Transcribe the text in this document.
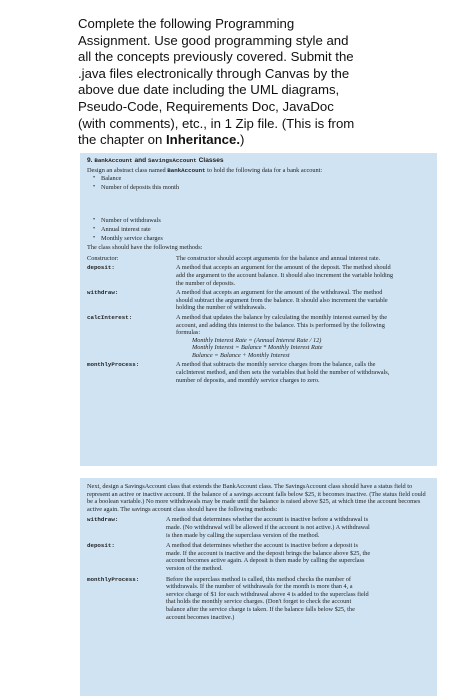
Complete the following Programming
Assignment. Use good programming style and
all the concepts previously covered. Submit the
.java files electronically through Canvas by the
above due date including the UML diagrams,
Pseudo-Code, Requirements Doc, JavaDoc
(with comments), etc., in 1 Zip file. (This is from
the chapter on Inheritance.)
9. BankAccount and SavingsAccount Classes
Design an abstract class named BankAccount to hold the following data for a bank account:
• Balance
• Number of deposits this month
• Number of withdrawals
• Annual interest rate
• Monthly service charges
The class should have the following methods:
Constructor:	The constructor should accept arguments for the balance and annual interest rate.
deposit:	A method that accepts an argument for the amount of the deposit. The method should add the argument to the account balance. It should also increment the variable holding the number of deposits.
withdraw:	A method that accepts an argument for the amount of the withdrawal. The method should subtract the argument from the balance. It should also increment the variable holding the number of withdrawals.
calcInterest:	A method that updates the balance by calculating the monthly interest earned by the account, and adding this interest to the balance. This is performed by the following formulas:
Monthly Interest Rate = (Annual Interest Rate / 12)
Monthly Interest = Balance * Monthly Interest Rate
Balance = Balance + Monthly Interest
monthlyProcess:	A method that subtracts the monthly service charges from the balance, calls the calcInterest method, and then sets the variables that hold the number of withdrawals, number of deposits, and monthly service charges to zero.
Next, design a SavingsAccount class that extends the BankAccount class. The SavingsAccount class should have a status field to represent an active or inactive account. If the balance of a savings account falls below $25, it becomes inactive. (The status field could be a boolean variable.) No more withdrawals may be made until the balance is raised above $25, at which time the account becomes active again. The savings account class should have the following methods:
withdraw:	A method that determines whether the account is inactive before a withdrawal is made. (No withdrawal will be allowed if the account is not active.) A withdrawal is then made by calling the superclass version of the method.
deposit:	A method that determines whether the account is inactive before a deposit is made. If the account is inactive and the deposit brings the balance above $25, the account becomes active again. A deposit is then made by calling the superclass version of the method.
monthlyProcess:	Before the superclass method is called, this method checks the number of withdrawals. If the number of withdrawals for the month is more than 4, a service charge of $1 for each withdrawal above 4 is added to the superclass field that holds the monthly service charges. (Don't forget to check the account balance after the service charge is taken. If the balance falls below $25, the account becomes inactive.)
